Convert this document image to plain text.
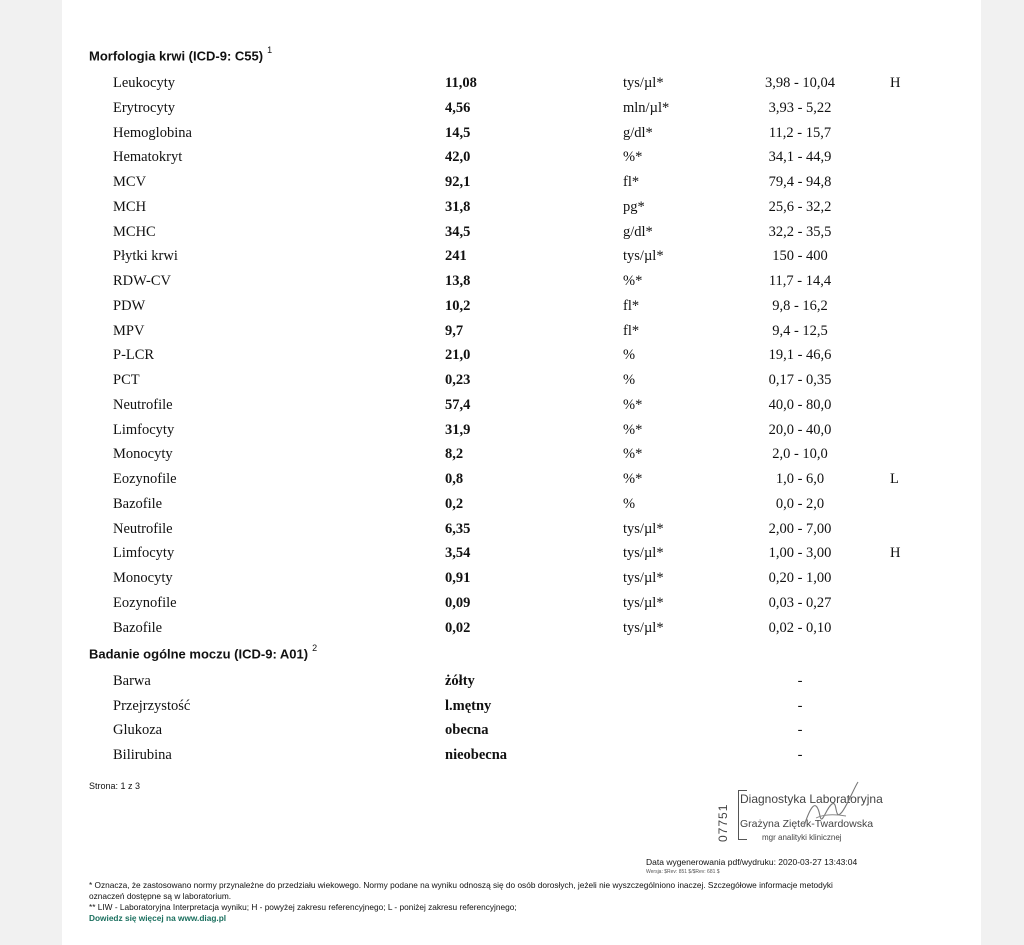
Morfologia krwi (ICD-9: C55) $^1$
Leukocyty	11,08	tys/µl*	3,98 - 10,04	H
Erytrocyty	4,56	mln/µl*	3,93 - 5,22
Hemoglobina	14,5	g/dl*	11,2 - 15,7
Hematokryt	42,0	%*	34,1 - 44,9
MCV	92,1	fl*	79,4 - 94,8
MCH	31,8	pg*	25,6 - 32,2
MCHC	34,5	g/dl*	32,2 - 35,5
Płytki krwi	241	tys/µl*	150 - 400
RDW-CV	13,8	%*	11,7 - 14,4
PDW	10,2	fl*	9,8 - 16,2
MPV	9,7	fl*	9,4 - 12,5
P-LCR	21,0	%	19,1 - 46,6
PCT	0,23	%	0,17 - 0,35
Neutrofile	57,4	%*	40,0 - 80,0
Limfocyty	31,9	%*	20,0 - 40,0
Monocyty	8,2	%*	2,0 - 10,0
Eozynofile	0,8	%*	1,0 - 6,0	L
Bazofile	0,2	%	0,0 - 2,0
Neutrofile	6,35	tys/µl*	2,00 - 7,00
Limfocyty	3,54	tys/µl*	1,00 - 3,00	H
Monocyty	0,91	tys/µl*	0,20 - 1,00
Eozynofile	0,09	tys/µl*	0,03 - 0,27
Bazofile	0,02	tys/µl*	0,02 - 0,10
Badanie ogólne moczu (ICD-9: A01) $^2$
Barwa	żółty	-
Przejrzystość	l.mętny	-
Glukoza	obecna	-
Bilirubina	nieobecna	-
Strona: 1 z 3
07751
Diagnostyka Laboratoryjna
Grażyna Ziętek-Twardowska
mgr analityki klinicznej
Data wygenerowania pdf/wydruku: 2020-03-27 13:43:04
Wersja: $Rev: 851 $/$Rev: 681 $
* Oznacza, że zastosowano normy przynależne do przedziału wiekowego. Normy podane na wyniku odnoszą się do osób dorosłych, jeżeli nie wyszczególniono inaczej. Szczegółowe informacje metodyki
oznaczeń dostępne są w laboratorium.
** LIW - Laboratoryjna Interpretacja wyniku; H - powyżej zakresu referencyjnego; L - poniżej zakresu referencyjnego;
Dowiedz się więcej na www.diag.pl
